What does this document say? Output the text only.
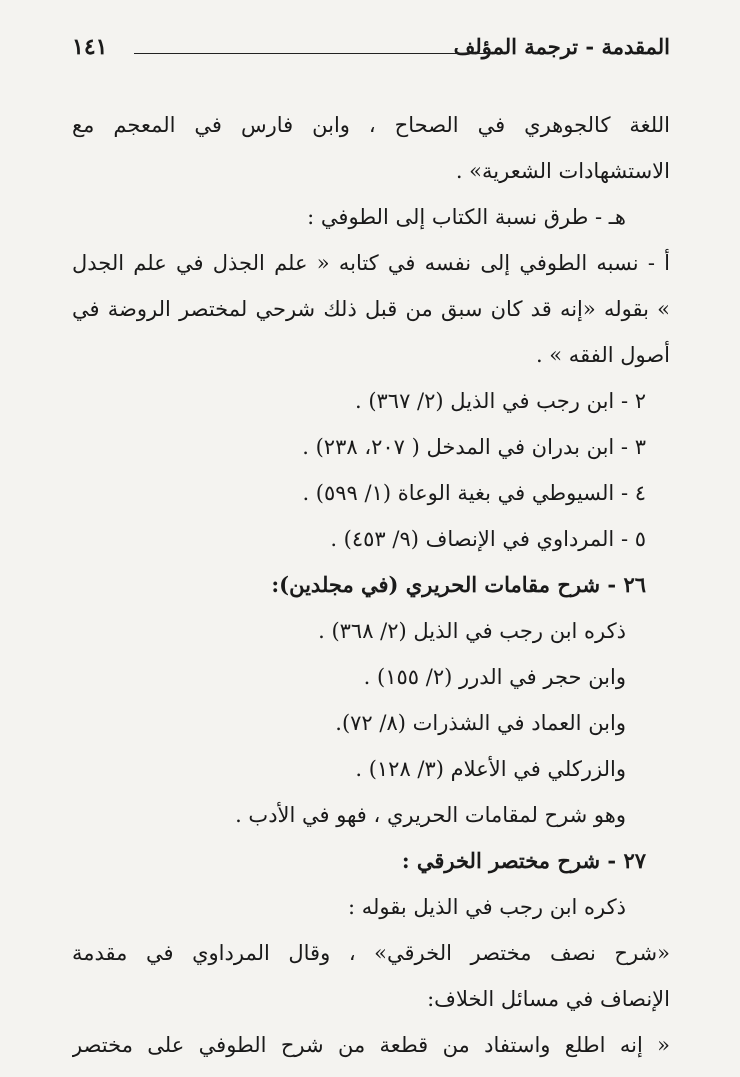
المقدمة - ترجمة المؤلف
١٤١
اللغة كالجوهري في الصحاح ، وابن فارس في المعجم مع
الاستشهادات الشعرية» .
هـ - طرق نسبة الكتاب إلى الطوفي :
أ - نسبه الطوفي إلى نفسه في كتابه « علم الجذل في علم الجدل
» بقوله «إنه قد كان سبق من قبل ذلك شرحي لمختصر الروضة في
أصول الفقه » .
٢ - ابن رجب في الذيل (٢/ ٣٦٧) .
٣ - ابن بدران في المدخل ( ٢٠٧، ٢٣٨) .
٤ - السيوطي في بغية الوعاة (١/ ٥٩٩) .
٥ - المرداوي في الإنصاف (٩/ ٤٥٣) .
٢٦ - شرح مقامات الحريري (في مجلدين):
ذكره ابن رجب في الذيل (٢/ ٣٦٨) .
وابن حجر في الدرر (٢/ ١٥٥) .
وابن العماد في الشذرات (٨/ ٧٢).
والزركلي في الأعلام (٣/ ١٢٨) .
وهو شرح لمقامات الحريري ، فهو في الأدب .
٢٧ - شرح مختصر الخرقي :
ذكره ابن رجب في الذيل بقوله :
«شرح نصف مختصر الخرقي» ، وقال المرداوي في مقدمة
الإنصاف في مسائل الخلاف:
« إنه اطلع واستفاد من قطعة من شرح الطوفي على مختصر
